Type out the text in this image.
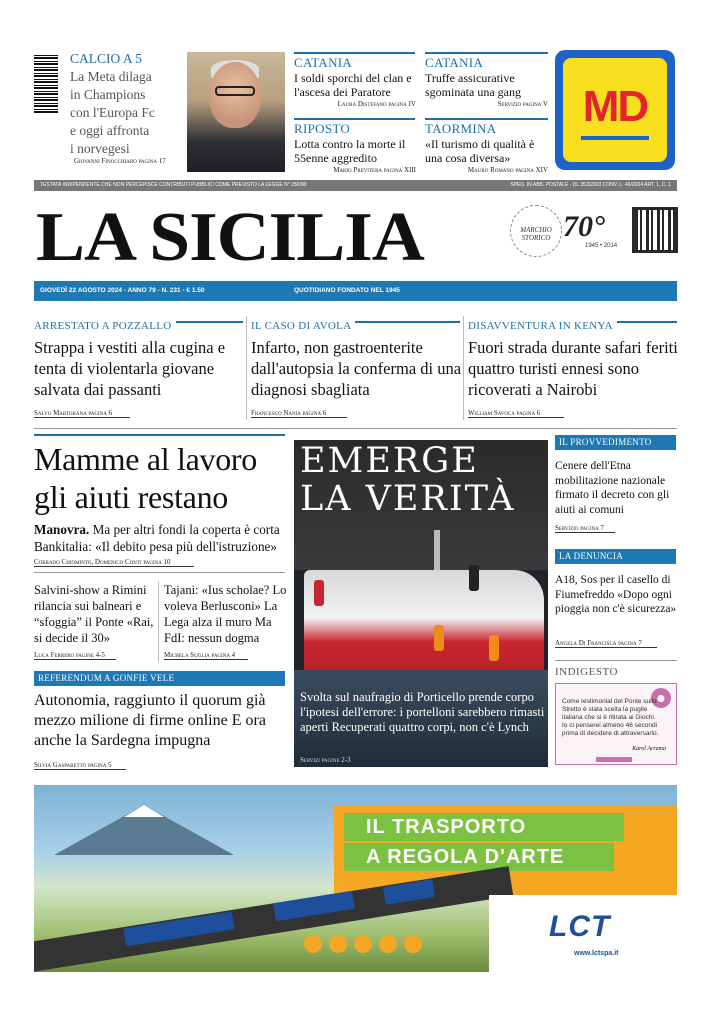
CALCIO A 5
La Meta dilaga
in Champions
con l'Europa Fc
e oggi affronta
i norvegesi
Giovanni Finocchiaro pagina 17
CATANIA
I soldi sporchi del clan e l'ascesa dei Paratore
Laura Distefano pagina IV
CATANIA
Truffe assicurative sgominata una gang
Servizio pagina V
RIPOSTO
Lotta contro la morte il 55enne aggredito
Mario Previtera pagina XIII
TAORMINA
«Il turismo di qualità è una cosa diversa»
Mauro Romano pagina XIV
MD
TESTATA INDIPENDENTE CHE NON PERCEPISCE CONTRIBUTI PUBBLICI COME PREVISTO LA LEGGE N° 250/90	SPED. IN ABB. POSTALE - DL 353/2003 CONV. L. 46/2004 ART. 1, C. 1
LA SICILIA	MARCHIO STORICO 70°
1945 • 2014
GIOVEDÌ 22 AGOSTO 2024 - ANNO 79 - N. 231 - € 1.50	QUOTIDIANO FONDATO NEL 1945
ARRESTATO A POZZALLO
Strappa i vestiti alla cugina e tenta di violentarla giovane salvata dai passanti
Salvo Martorana pagina 6
IL CASO DI AVOLA
Infarto, non gastroenterite dall'autopsia la conferma di una diagnosi sbagliata
Francesco Nania pagina 6
DISAVVENTURA IN KENYA
Fuori strada durante safari feriti quattro turisti ennesi sono ricoverati a Nairobi
William Savoca pagina 6
Mamme al lavoro
gli aiuti restano
Manovra. Ma per altri fondi la coperta è corta Bankitalia: «Il debito pesa più dell'istruzione»
Corrado Chiominto, Domenico Conti pagina 10
Salvini-show a Rimini rilancia sui balneari e “sfoggia” il Ponte «Rai, si decide il 30»
Luca Ferrero pagine 4-5
Tajani: «Ius scholae? Lo voleva Berlusconi» La Lega alza il muro Ma FdI: nessun dogma
Michela Suglia pagina 4
REFERENDUM A GONFIE VELE
Autonomia, raggiunto il quorum già mezzo milione di firme online E ora anche la Sardegna impugna
Silvia Gasparetto pagina 5
EMERGE
LA VERITÀ
Svolta sul naufragio di Porticello prende corpo l'ipotesi dell'errore: i portelloni sarebbero rimasti aperti Recuperati quattro corpi, non c'è Lynch
Servizi pagine 2-3
IL PROVVEDIMENTO
Cenere dell'Etna mobilitazione nazionale firmato il decreto con gli aiuti ai comuni
Servizio pagina 7
LA DENUNCIA
A18, Sos per il casello di Fiumefreddo «Dopo ogni pioggia non c'è sicurezza»
Angela Di Francisca pagina 7
INDIGESTO
☻
Come testimonial del Ponte sullo Stretto è stata scelta la pugile italiana che si è ritirata ai Giochi. Io ci penserei almeno 46 secondi prima di decidere di attraversarlo.
Karol Arrama
IL TRASPORTO
A REGOLA D'ARTE
LCT
www.lctspa.it
